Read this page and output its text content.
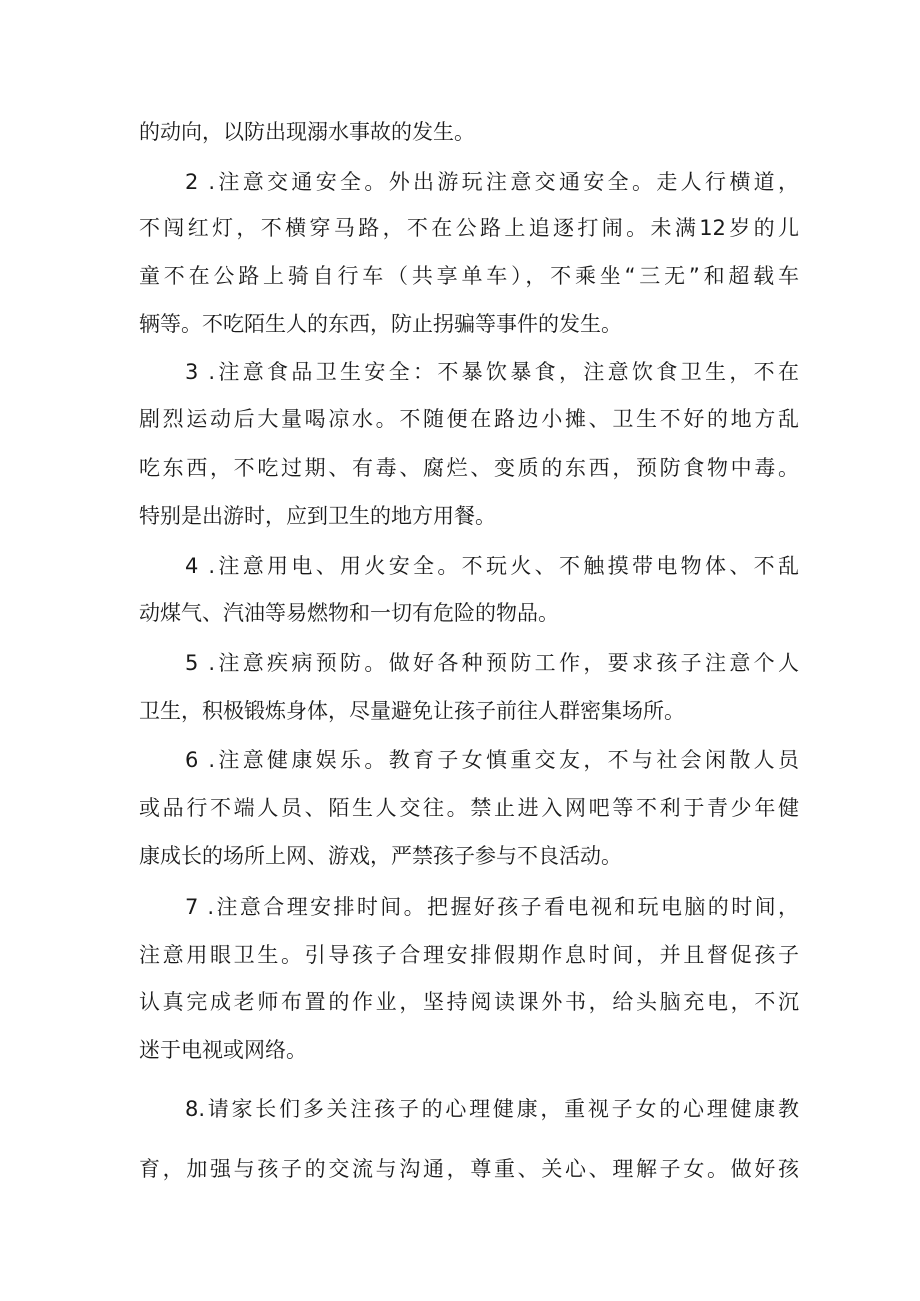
的动向，以防出现溺水事故的发生。
2 .注意交通安全。外出游玩注意交通安全。走人行横道，
不闯红灯，不横穿马路，不在公路上追逐打闹。未满12岁的儿
童不在公路上骑自行车（共享单车），不乘坐“三无”和超载车
辆等。不吃陌生人的东西，防止拐骗等事件的发生。
3 .注意食品卫生安全：不暴饮暴食，注意饮食卫生，不在
剧烈运动后大量喝凉水。不随便在路边小摊、卫生不好的地方乱
吃东西，不吃过期、有毒、腐烂、变质的东西，预防食物中毒。
特别是出游时，应到卫生的地方用餐。
4 .注意用电、用火安全。不玩火、不触摸带电物体、不乱
动煤气、汽油等易燃物和一切有危险的物品。
5 .注意疾病预防。做好各种预防工作，要求孩子注意个人
卫生，积极锻炼身体，尽量避免让孩子前往人群密集场所。
6 .注意健康娱乐。教育子女慎重交友，不与社会闲散人员
或品行不端人员、陌生人交往。禁止进入网吧等不利于青少年健
康成长的场所上网、游戏，严禁孩子参与不良活动。
7 .注意合理安排时间。把握好孩子看电视和玩电脑的时间，
注意用眼卫生。引导孩子合理安排假期作息时间，并且督促孩子
认真完成老师布置的作业，坚持阅读课外书，给头脑充电，不沉
迷于电视或网络。
8.请家长们多关注孩子的心理健康，重视子女的心理健康教
育，加强与孩子的交流与沟通，尊重、关心、理解子女。做好孩
